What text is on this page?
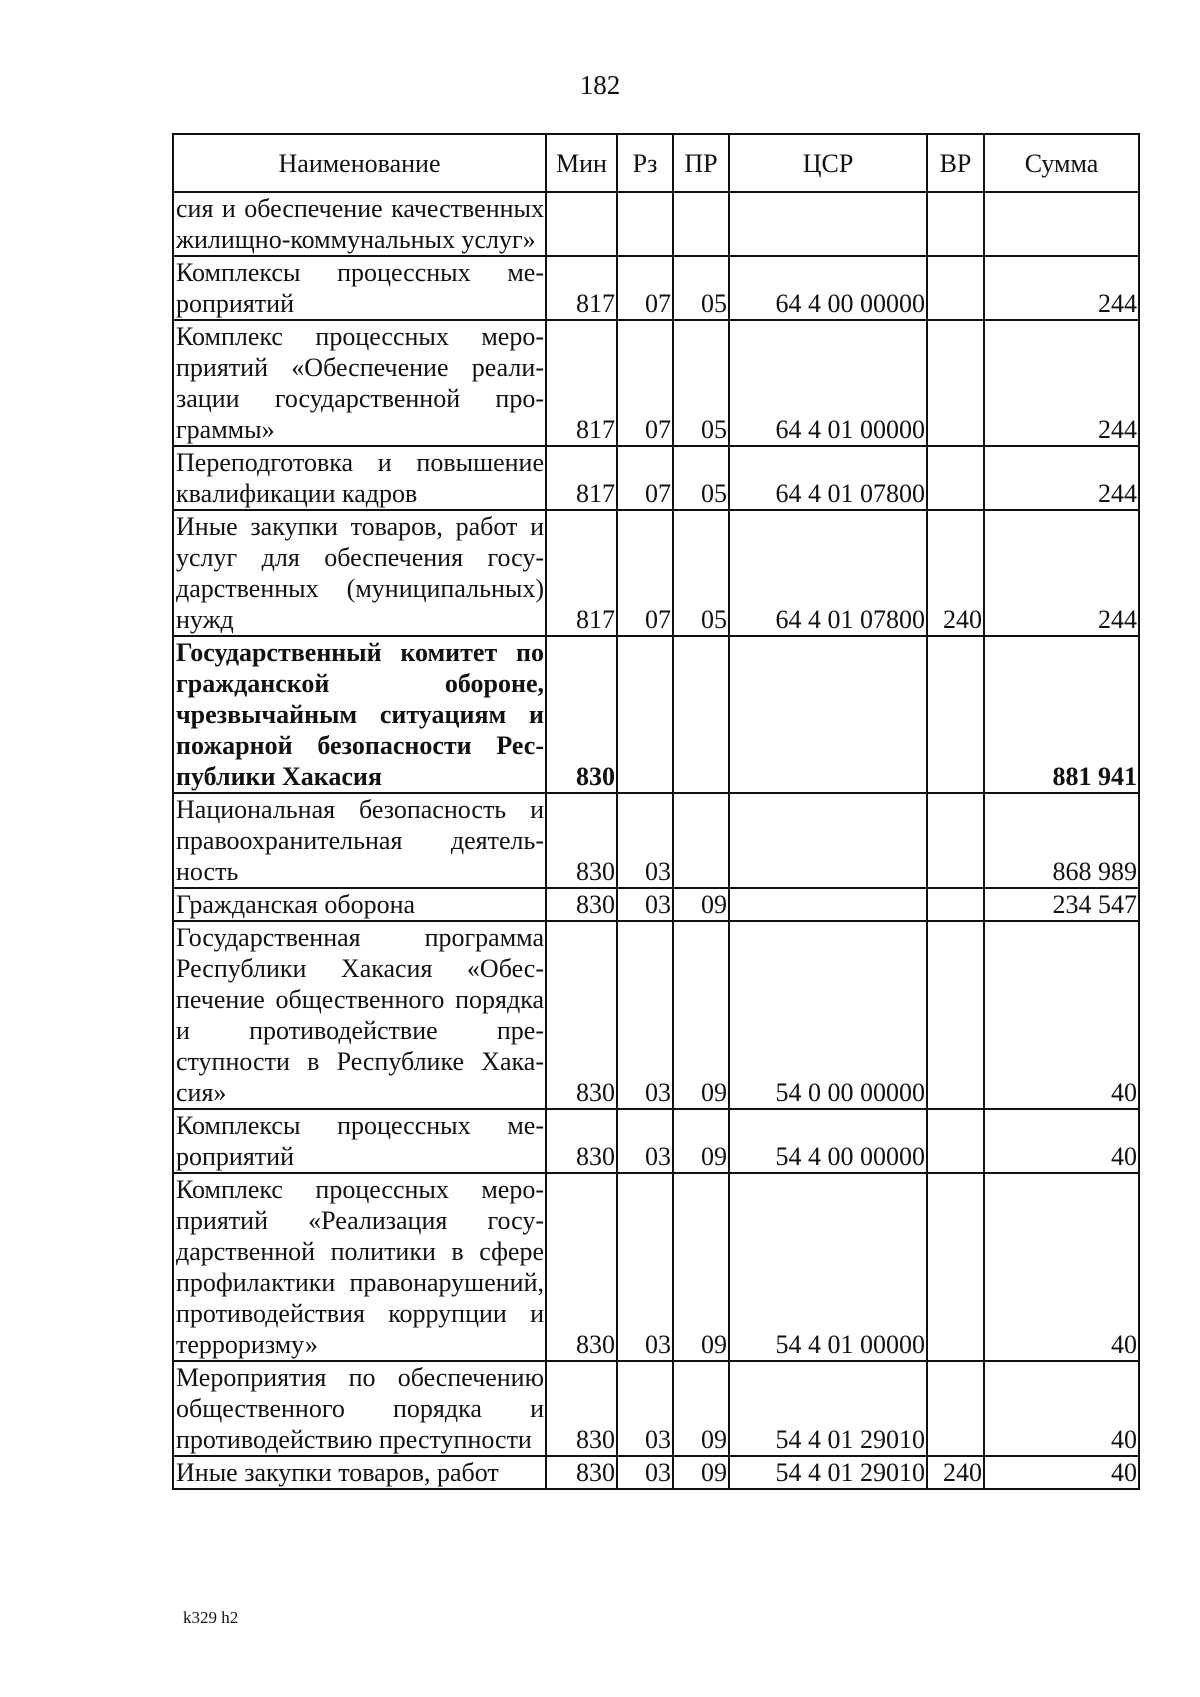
182
Наименование	Мин	Рз	ПР	ЦСР	ВР	Сумма
сия и обеспечение качественных жилищно-коммунальных услуг»						
Комплексы процессных мероприятий	817	07	05	64 4 00 00000		244
Комплекс процессных мероприятий «Обеспечение реализации государственной программы»	817	07	05	64 4 01 00000		244
Переподготовка и повышение квалификации кадров	817	07	05	64 4 01 07800		244
Иные закупки товаров, работ и услуг для обеспечения государственных (муниципальных) нужд	817	07	05	64 4 01 07800	240	244
Государственный комитет по гражданской обороне, чрезвычайным ситуациям и пожарной безопасности Республики Хакасия	830					881 941
Национальная безопасность и правоохранительная деятельность	830	03				868 989
Гражданская оборона	830	03	09			234 547
Государственная программа Республики Хакасия «Обеспечение общественного порядка и противодействие преступности в Республике Хакасия»	830	03	09	54 0 00 00000		40
Комплексы процессных мероприятий	830	03	09	54 4 00 00000		40
Комплекс процессных мероприятий «Реализация государственной политики в сфере профилактики правонарушений, противодействия коррупции и терроризму»	830	03	09	54 4 01 00000		40
Мероприятия по обеспечению общественного порядка и противодействию преступности	830	03	09	54 4 01 29010		40
Иные закупки товаров, работ	830	03	09	54 4 01 29010	240	40
k329 h2
